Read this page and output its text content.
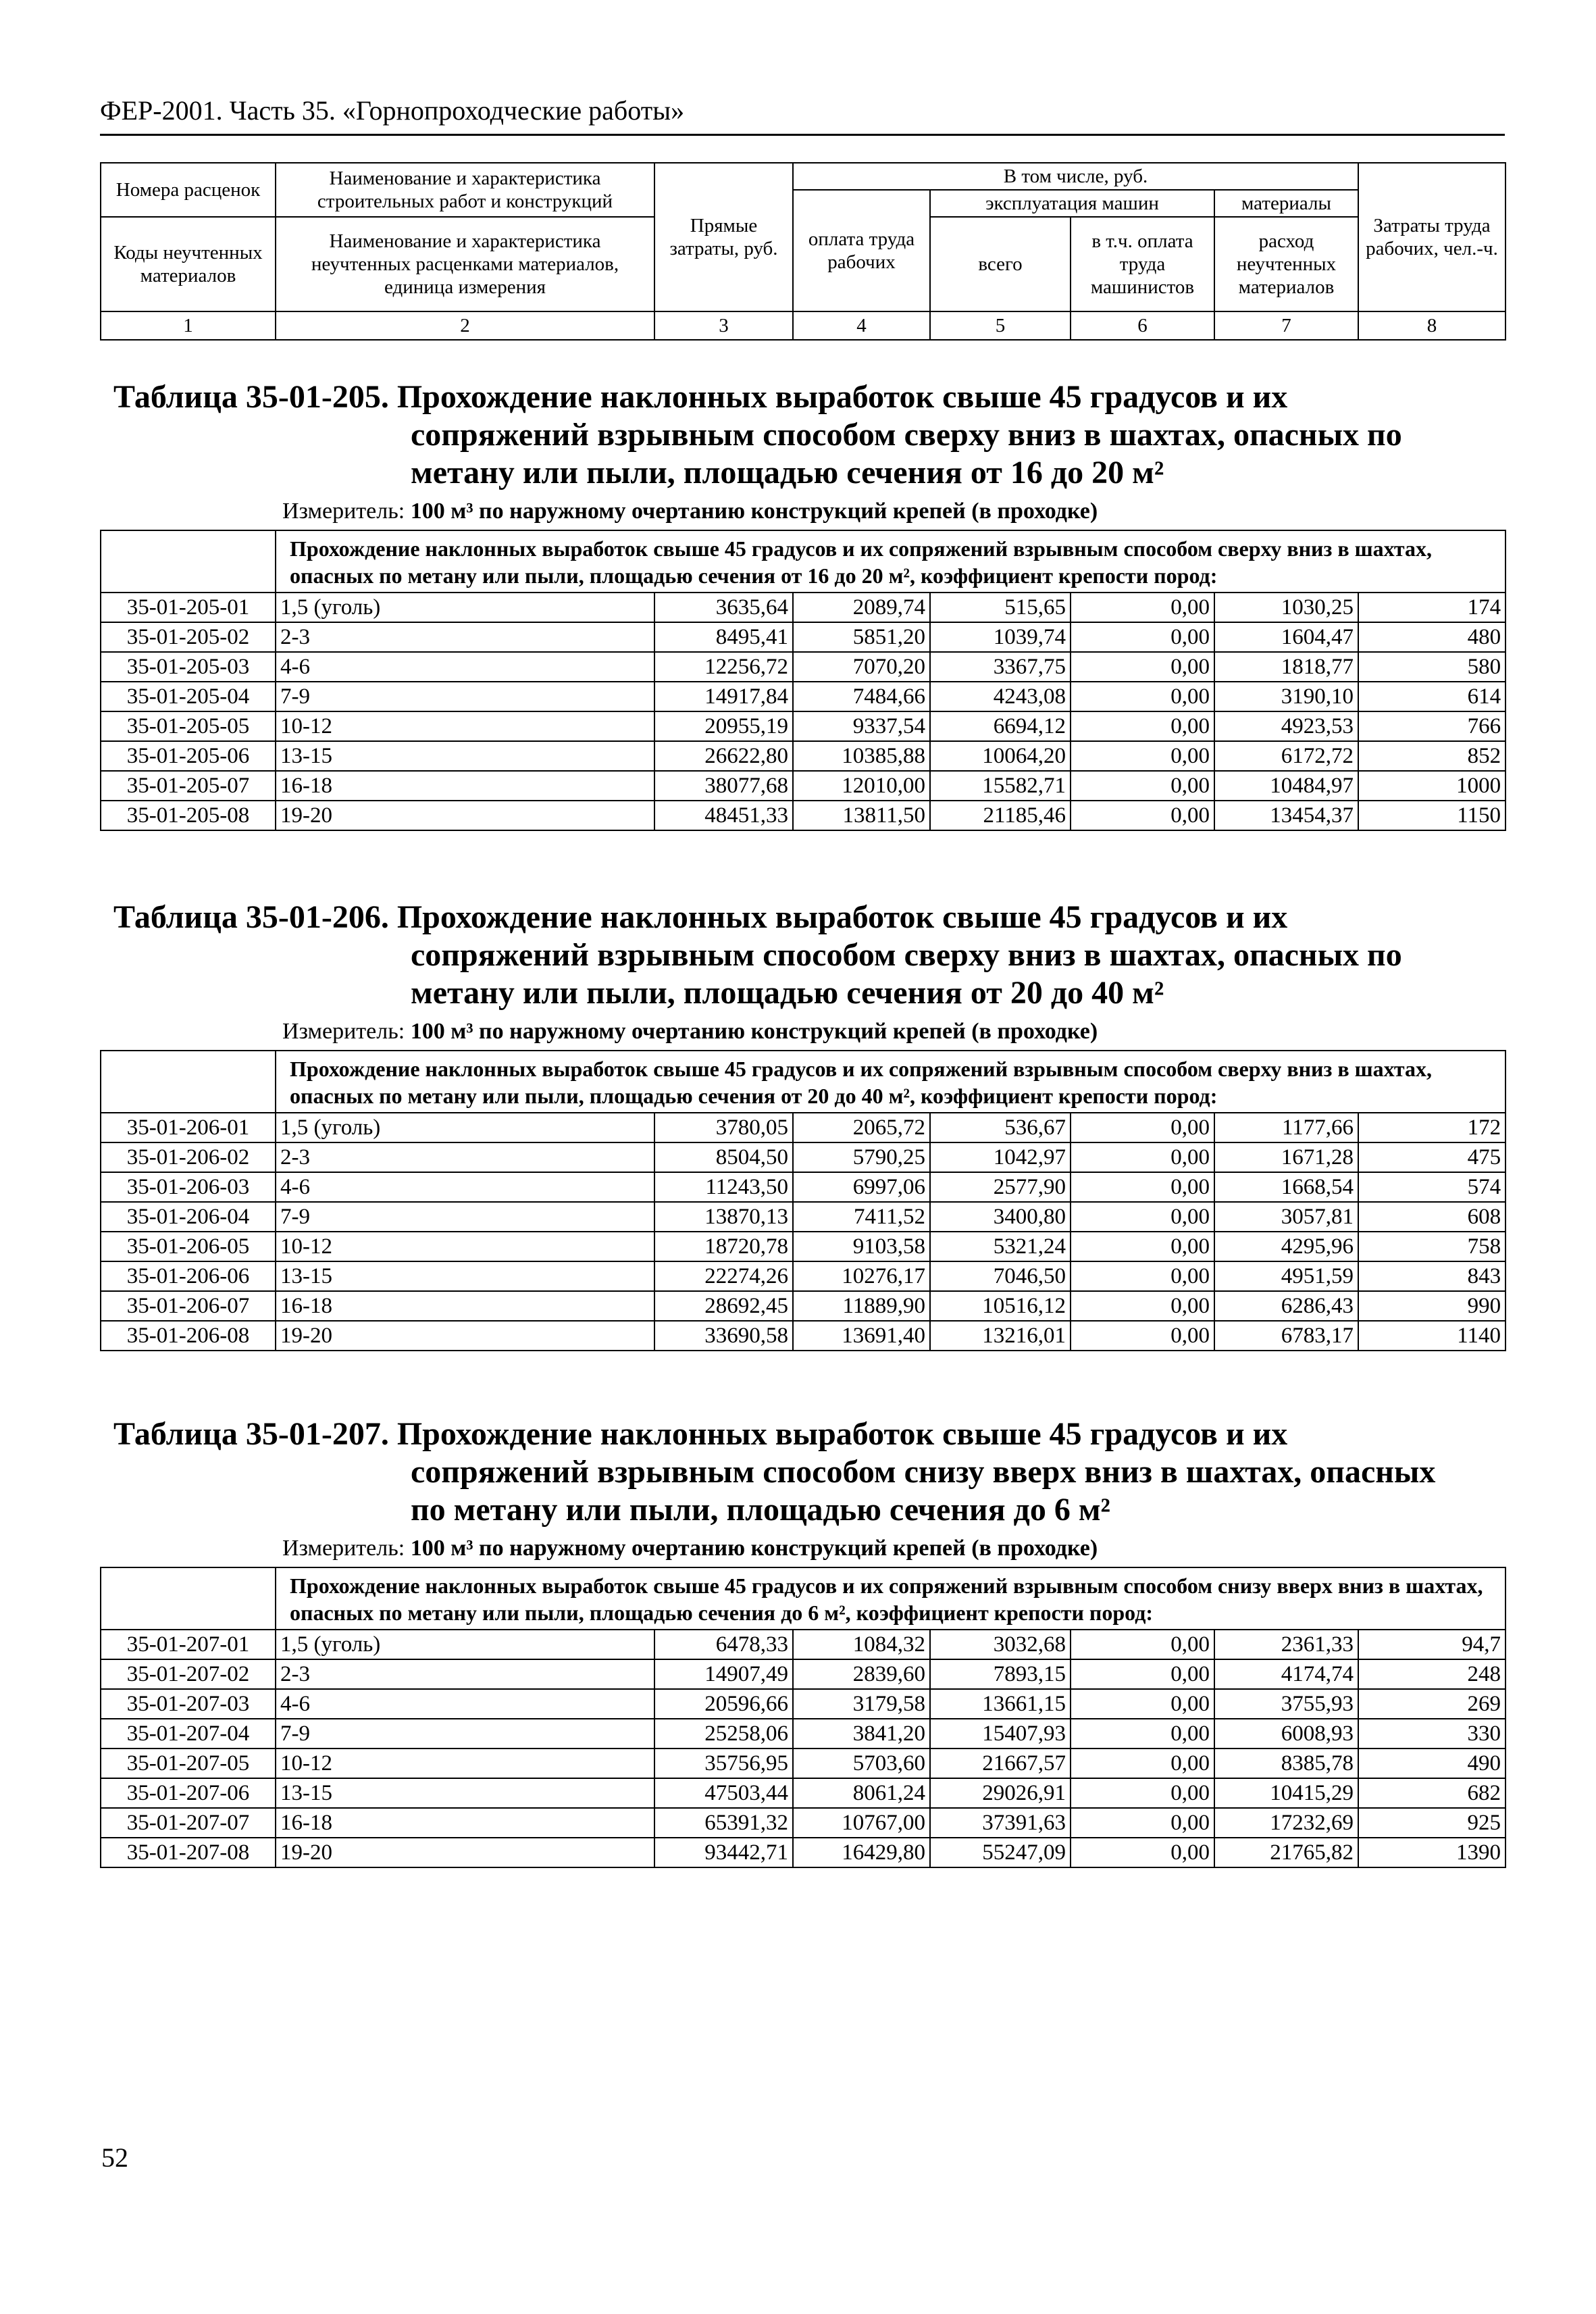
ФЕР-2001. Часть 35. «Горнопроходческие работы»
Номера расценок	Наименование и характеристика строительных работ и конструкций	Прямые затраты, руб.	В том числе, руб.				Затраты труда рабочих, чел.-ч.
			оплата труда рабочих	эксплуатация машин		материалы	
Коды неучтенных материалов	Наименование и характеристика неучтенных расценками материалов, единица измерения			всего	в т.ч. оплата труда машинистов	расход неучтенных материалов	

1	2	3	4	5	6	7	8
Таблица 35-01-205. Прохождение наклонных выработок свыше 45 градусов и их
сопряжений взрывным способом сверху вниз в шахтах, опасных по
метану или пыли, площадью сечения от 16 до 20 м²
Измеритель: 100 м³ по наружному очертанию конструкций крепей (в проходке)
	Прохождение наклонных выработок свыше 45 градусов и их сопряжений взрывным способом сверху вниз в шахтах, опасных по метану или пыли, площадью сечения от 16 до 20 м², коэффициент крепости пород:						
35-01-205-01	1,5 (уголь)	3635,64	2089,74	515,65	0,00	1030,25	174
35-01-205-02	2-3	8495,41	5851,20	1039,74	0,00	1604,47	480
35-01-205-03	4-6	12256,72	7070,20	3367,75	0,00	1818,77	580
35-01-205-04	7-9	14917,84	7484,66	4243,08	0,00	3190,10	614
35-01-205-05	10-12	20955,19	9337,54	6694,12	0,00	4923,53	766
35-01-205-06	13-15	26622,80	10385,88	10064,20	0,00	6172,72	852
35-01-205-07	16-18	38077,68	12010,00	15582,71	0,00	10484,97	1000
35-01-205-08	19-20	48451,33	13811,50	21185,46	0,00	13454,37	1150
Таблица 35-01-206. Прохождение наклонных выработок свыше 45 градусов и их
сопряжений взрывным способом сверху вниз в шахтах, опасных по
метану или пыли, площадью сечения от 20 до 40 м²
Измеритель: 100 м³ по наружному очертанию конструкций крепей (в проходке)
	Прохождение наклонных выработок свыше 45 градусов и их сопряжений взрывным способом сверху вниз в шахтах, опасных по метану или пыли, площадью сечения от 20 до 40 м², коэффициент крепости пород:						
35-01-206-01	1,5 (уголь)	3780,05	2065,72	536,67	0,00	1177,66	172
35-01-206-02	2-3	8504,50	5790,25	1042,97	0,00	1671,28	475
35-01-206-03	4-6	11243,50	6997,06	2577,90	0,00	1668,54	574
35-01-206-04	7-9	13870,13	7411,52	3400,80	0,00	3057,81	608
35-01-206-05	10-12	18720,78	9103,58	5321,24	0,00	4295,96	758
35-01-206-06	13-15	22274,26	10276,17	7046,50	0,00	4951,59	843
35-01-206-07	16-18	28692,45	11889,90	10516,12	0,00	6286,43	990
35-01-206-08	19-20	33690,58	13691,40	13216,01	0,00	6783,17	1140
Таблица 35-01-207. Прохождение наклонных выработок свыше 45 градусов и их
сопряжений взрывным способом снизу вверх вниз в шахтах, опасных
по метану или пыли, площадью сечения до 6 м²
Измеритель: 100 м³ по наружному очертанию конструкций крепей (в проходке)
	Прохождение наклонных выработок свыше 45 градусов и их сопряжений взрывным способом снизу вверх вниз в шахтах, опасных по метану или пыли, площадью сечения до 6 м², коэффициент крепости пород:						
35-01-207-01	1,5 (уголь)	6478,33	1084,32	3032,68	0,00	2361,33	94,7
35-01-207-02	2-3	14907,49	2839,60	7893,15	0,00	4174,74	248
35-01-207-03	4-6	20596,66	3179,58	13661,15	0,00	3755,93	269
35-01-207-04	7-9	25258,06	3841,20	15407,93	0,00	6008,93	330
35-01-207-05	10-12	35756,95	5703,60	21667,57	0,00	8385,78	490
35-01-207-06	13-15	47503,44	8061,24	29026,91	0,00	10415,29	682
35-01-207-07	16-18	65391,32	10767,00	37391,63	0,00	17232,69	925
35-01-207-08	19-20	93442,71	16429,80	55247,09	0,00	21765,82	1390
52
